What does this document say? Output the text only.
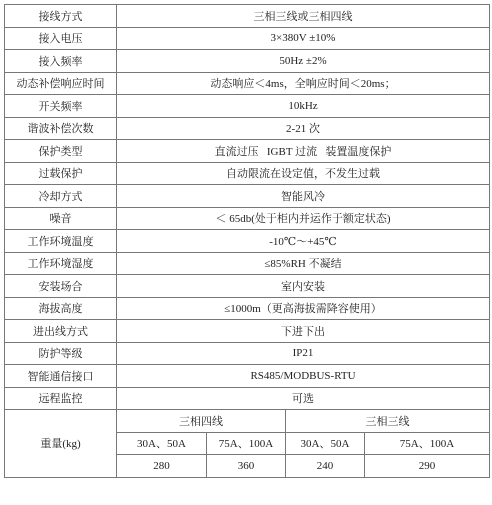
接线方式	三相三线或三相四线			
接入电压	3×380V ±10%			
接入频率	50Hz ±2%			
动态补偿响应时间	动态响应＜4ms，全响应时间＜20ms；			
开关频率	10kHz			
谐波补偿次数	2-21 次			
保护类型	直流过压   IGBT 过流   装置温度保护			
过载保护	自动限流在设定值，不发生过载			
冷却方式	智能风冷			
噪音	＜ 65db(处于柜内并运作于额定状态)			
工作环境温度	-10℃～+45℃			
工作环境湿度	≤85%RH 不凝结			
安装场合	室内安装			
海拔高度	≤1000m（更高海拔需降容使用）			
进出线方式	下进下出			
防护等级	IP21			
智能通信接口	RS485/MODBUS-RTU			
远程监控	可选			
重量(kg)	三相四线		三相三线	
	30A、50A	75A、100A	30A、50A	75A、100A
	280	360	240	290
